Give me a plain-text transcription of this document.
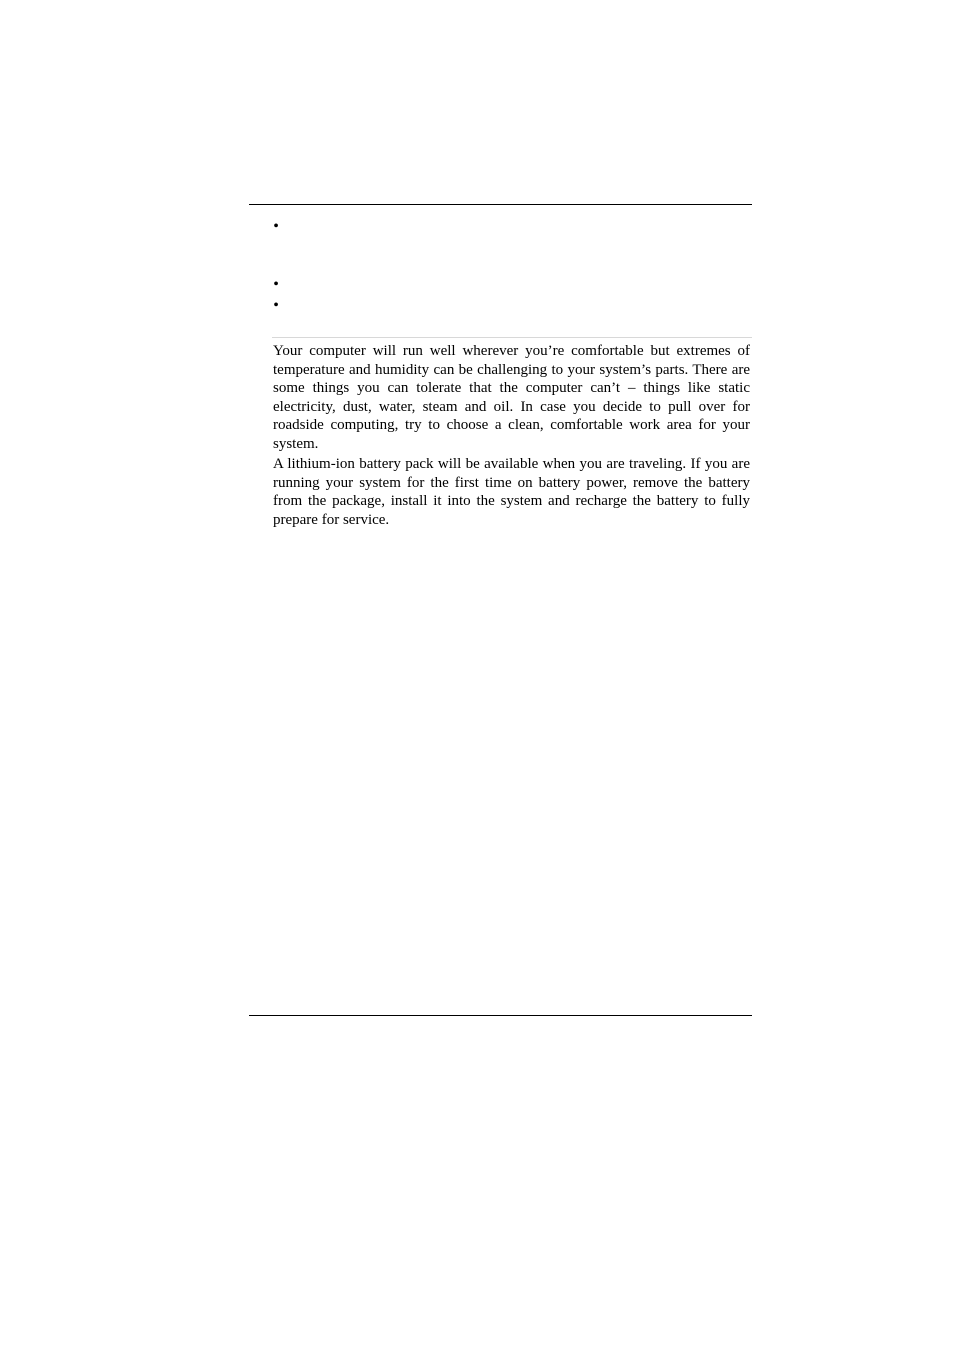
•
•
•

Your computer will run well wherever you’re comfortable but extremes of temperature and humidity can be challenging to your system’s parts. There are some things you can tolerate that the computer can’t – things like static electricity, dust, water, steam and oil. In case you decide to pull over for roadside computing, try to choose a clean, comfortable work area for your system.

A lithium-ion battery pack will be available when you are traveling. If you are running your system for the first time on battery power, remove the battery from the package, install it into the system and recharge the battery to fully prepare for service.
